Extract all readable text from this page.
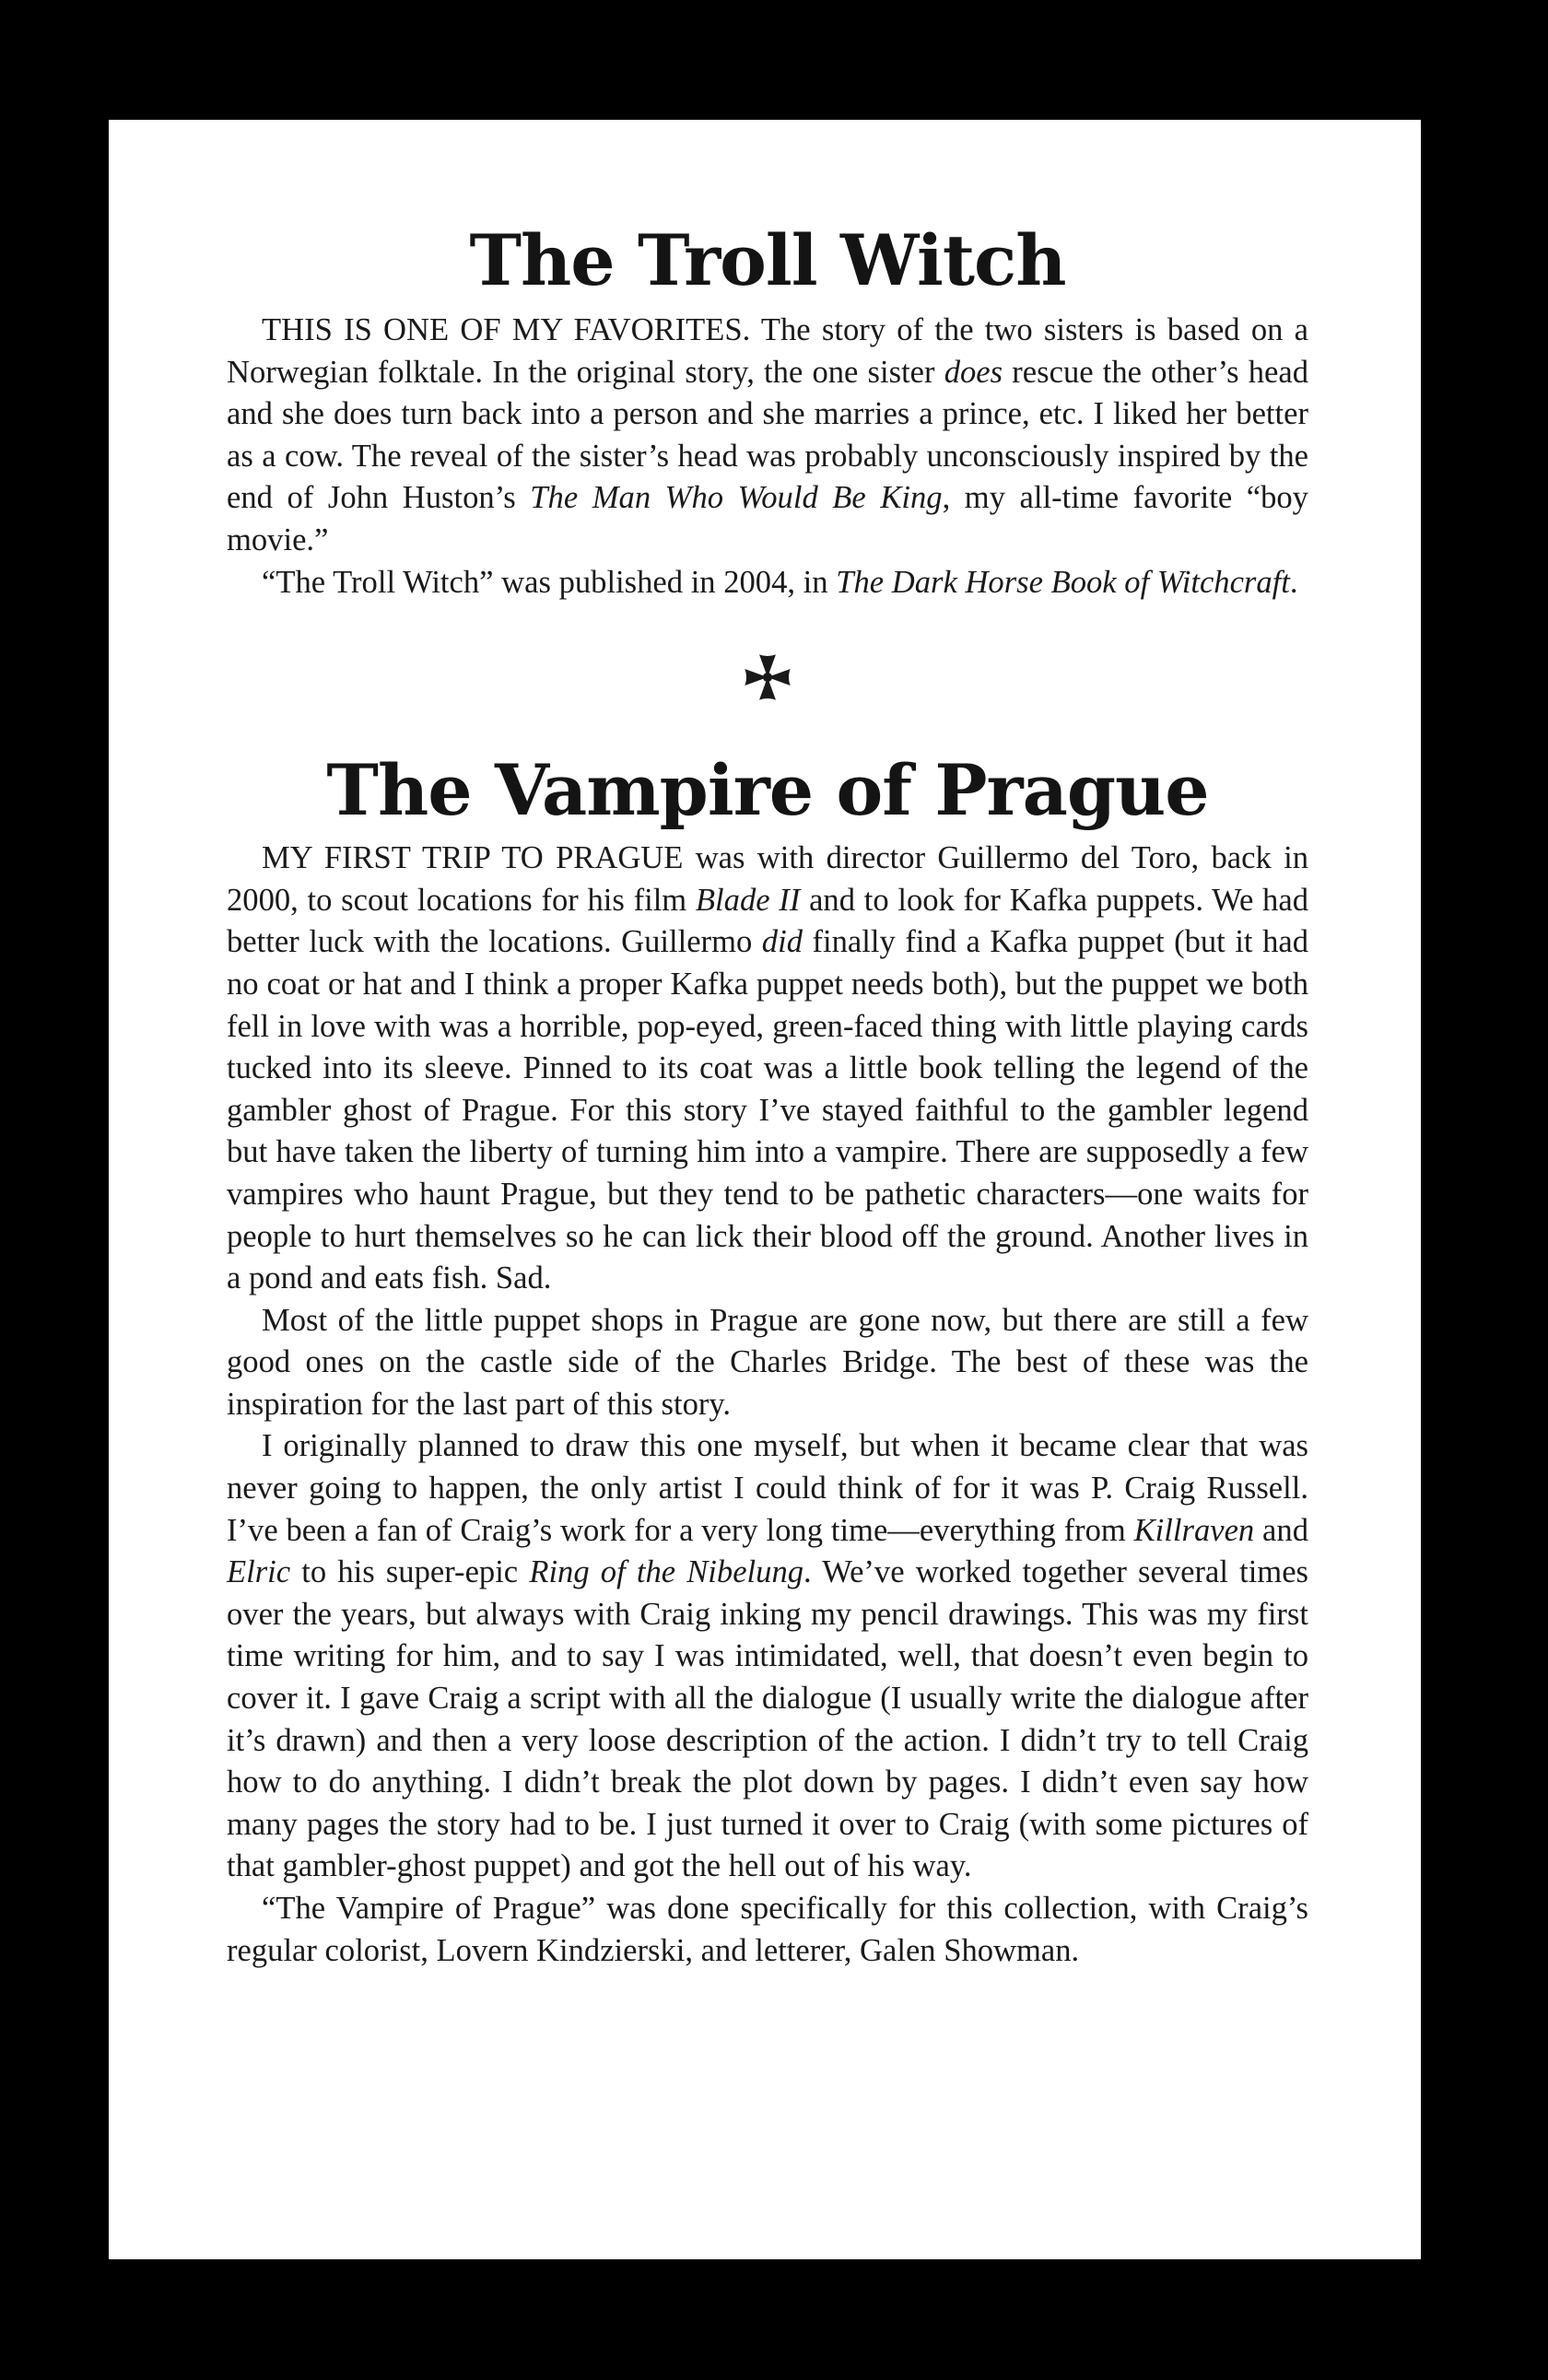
The Troll Witch

THIS IS ONE OF MY FAVORITES. The story of the two sisters is based on a Norwegian folktale. In the original story, the one sister does rescue the other’s head and she does turn back into a person and she marries a prince, etc. I liked her better as a cow. The reveal of the sister’s head was probably unconsciously inspired by the end of John Huston’s The Man Who Would Be King, my all-time favorite “boy movie.”

“The Troll Witch” was published in 2004, in The Dark Horse Book of Witchcraft.

The Vampire of Prague

MY FIRST TRIP TO PRAGUE was with director Guillermo del Toro, back in 2000, to scout locations for his film Blade II and to look for Kafka puppets. We had better luck with the locations. Guillermo did finally find a Kafka puppet (but it had no coat or hat and I think a proper Kafka puppet needs both), but the puppet we both fell in love with was a horrible, pop-eyed, green-faced thing with little playing cards tucked into its sleeve. Pinned to its coat was a little book telling the legend of the gambler ghost of Prague. For this story I’ve stayed faithful to the gambler legend but have taken the liberty of turning him into a vampire. There are supposedly a few vampires who haunt Prague, but they tend to be pathetic characters—one waits for people to hurt themselves so he can lick their blood off the ground. Another lives in a pond and eats fish. Sad.

Most of the little puppet shops in Prague are gone now, but there are still a few good ones on the castle side of the Charles Bridge. The best of these was the inspiration for the last part of this story.

I originally planned to draw this one myself, but when it became clear that was never going to happen, the only artist I could think of for it was P. Craig Russell. I’ve been a fan of Craig’s work for a very long time—everything from Killraven and Elric to his super-epic Ring of the Nibelung. We’ve worked together several times over the years, but always with Craig inking my pencil drawings. This was my first time writing for him, and to say I was intimidated, well, that doesn’t even begin to cover it. I gave Craig a script with all the dialogue (I usually write the dialogue after it’s drawn) and then a very loose description of the action. I didn’t try to tell Craig how to do anything. I didn’t break the plot down by pages. I didn’t even say how many pages the story had to be. I just turned it over to Craig (with some pictures of that gambler-ghost puppet) and got the hell out of his way.

“The Vampire of Prague” was done specifically for this collection, with Craig’s regular colorist, Lovern Kindzierski, and letterer, Galen Showman.
